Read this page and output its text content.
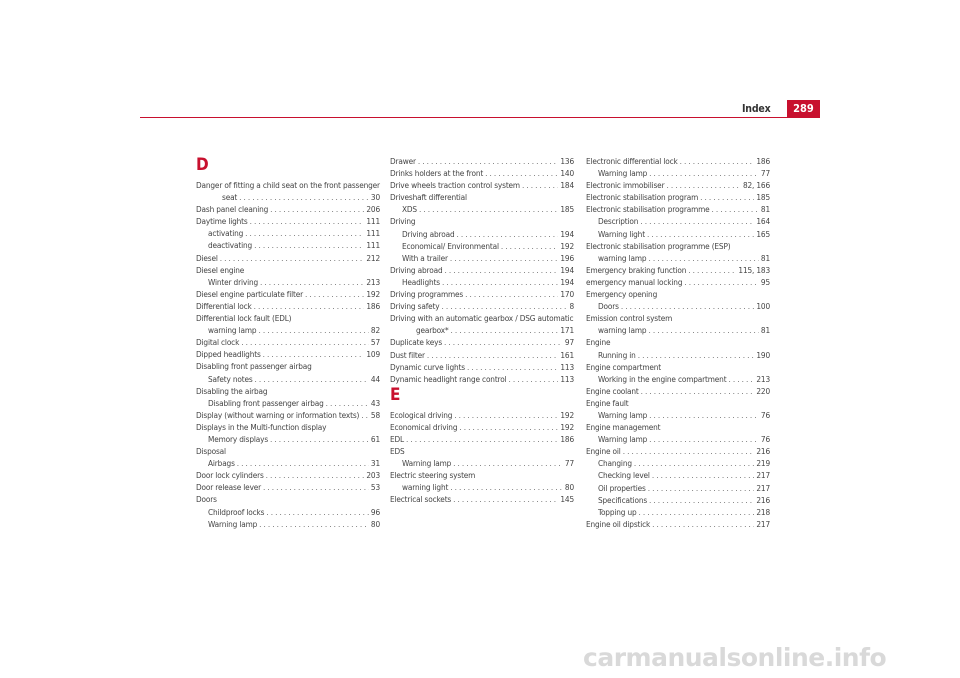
Index	289
D
Danger of fitting a child seat on the front passenger
seat . . .	30
Dash panel cleaning . . .	206
Daytime lights . . .	111
activating . . .	111
deactivating . . .	111
Diesel . . .	212
Diesel engine
Winter driving . . .	213
Diesel engine particulate filter . . .	192
Differential lock . . .	186
Differential lock fault (EDL)
warning lamp . . .	82
Digital clock . . .	57
Dipped headlights . . .	109
Disabling front passenger airbag
Safety notes . . .	44
Disabling the airbag
Disabling front passenger airbag . . .	43
Display (without warning or information texts) . . . 58
Displays in the Multi-function display
Memory displays . . .	61
Disposal
Airbags . . .	31
Door lock cylinders . . .	203
Door release lever . . .	53
Doors
Childproof locks . . .	96
Warning lamp . . .	80
Drawer . . .	136
Drinks holders at the front . . .	140
Drive wheels traction control system . . .	184
Driveshaft differential
XDS . . .	185
Driving
Driving abroad . . .	194
Economical/ Environmental . . .	192
With a trailer . . .	196
Driving abroad . . .	194
Headlights . . .	194
Driving programmes . . .	170
Driving safety . . .	8
Driving with an automatic gearbox / DSG automatic
gearbox* . . .	171
Duplicate keys . . .	97
Dust filter . . .	161
Dynamic curve lights . . .	113
Dynamic headlight range control . . .	113
E
Ecological driving . . .	192
Economical driving . . .	192
EDL . . .	186
EDS
Warning lamp . . .	77
Electric steering system
warning light . . .	80
Electrical sockets . . .	145
Electronic differential lock . . .	186
Warning lamp . . .	77
Electronic immobiliser . . .	82, 166
Electronic stabilisation program . . .	185
Electronic stabilisation programme . . .	81
Description . . .	164
Warning light . . .	165
Electronic stabilisation programme (ESP)
warning lamp . . .	81
Emergency braking function . . .	115, 183
emergency manual locking . . .	95
Emergency opening
Doors . . .	100
Emission control system
warning lamp . . .	81
Engine
Running in . . .	190
Engine compartment
Working in the engine compartment . . .	213
Engine coolant . . .	220
Engine fault
Warning lamp . . .	76
Engine management
Warning lamp . . .	76
Engine oil . . .	216
Changing . . .	219
Checking level . . .	217
Oil properties . . .	217
Specifications . . .	216
Topping up . . .	218
Engine oil dipstick . . .	217
carmanualsonline.info
